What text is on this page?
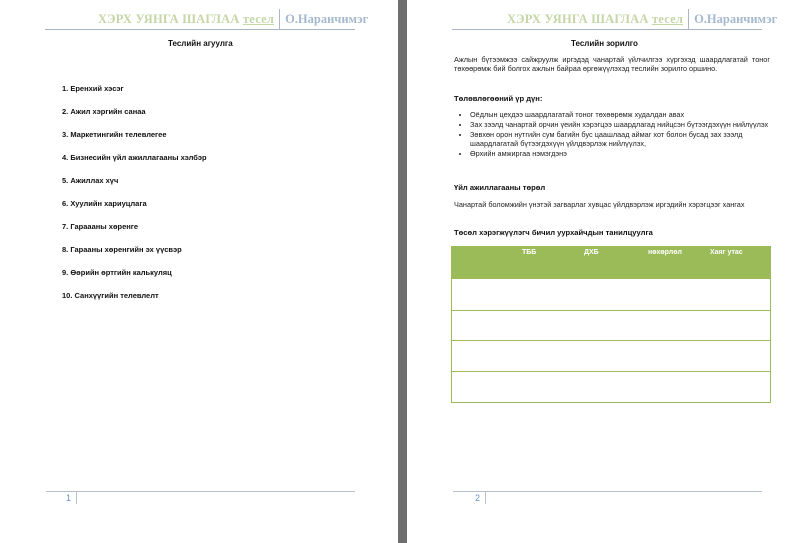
ХЭРХ УЯНГА ШАГЛАА тесел О.Наранчимэг
Теслийн агуулга
1. Еренхий хэсэг
2. Ажил хэргийн санаа
3. Маркетингийн телевлегее
4. Бизнесийн үйл ажиллагааны хэлбэр
5. Ажиллах хүч
6. Хуулийн хариуцлага
7. Гараааны хөренге
8. Гарааны хөренгийн эх үүсвэр
9. Өөрийн өртгийн калькуляц
10. Санхүүгийн телевлелт
1
ХЭРХ УЯНГА ШАГЛАА тесел О.Наранчимэг
Теслийн зорилго
Ажлын бүтээмжээ сайжруулж иргэдэд чанартай үйлчилгээ хүргэхэд шаардлагатай тоног төхөөрөмж бий болгох ажлын байраа өргөжүүлэхэд теслийн зорилго оршино.
Төлөвлөгөөний үр дүн:
• Оёдлын цехдээ шаардлагатай тоног төхөөрөмж худалдан авах
• Зах зээлд чанартай орчин үеийн хэрэгцээ шаардлагад нийцсэн бүтээгдэхүүн нийлүүлэх
• Зөвхөн орон нутгийн сум багийн бус цаашлаад аймаг хот болон бусад зах зээлд шаардлагатай бүтээгдэхүүн үйлдвэрлэж нийлүүлэх,
• Өрхийн амжиргаа нэмэгдэнэ
Үйл ажиллагааны төрөл
Чанартай боломжийн үнэтэй загварлаг хувцас үйлдвэрлэж иргэдийн хэрэгцээг хангах
Төсөл хэрэгжүүлэгч бичил уурхайчдын танилцуулга
ТББ	ДХБ	нөхөрлөл	Хаяг утас
2
